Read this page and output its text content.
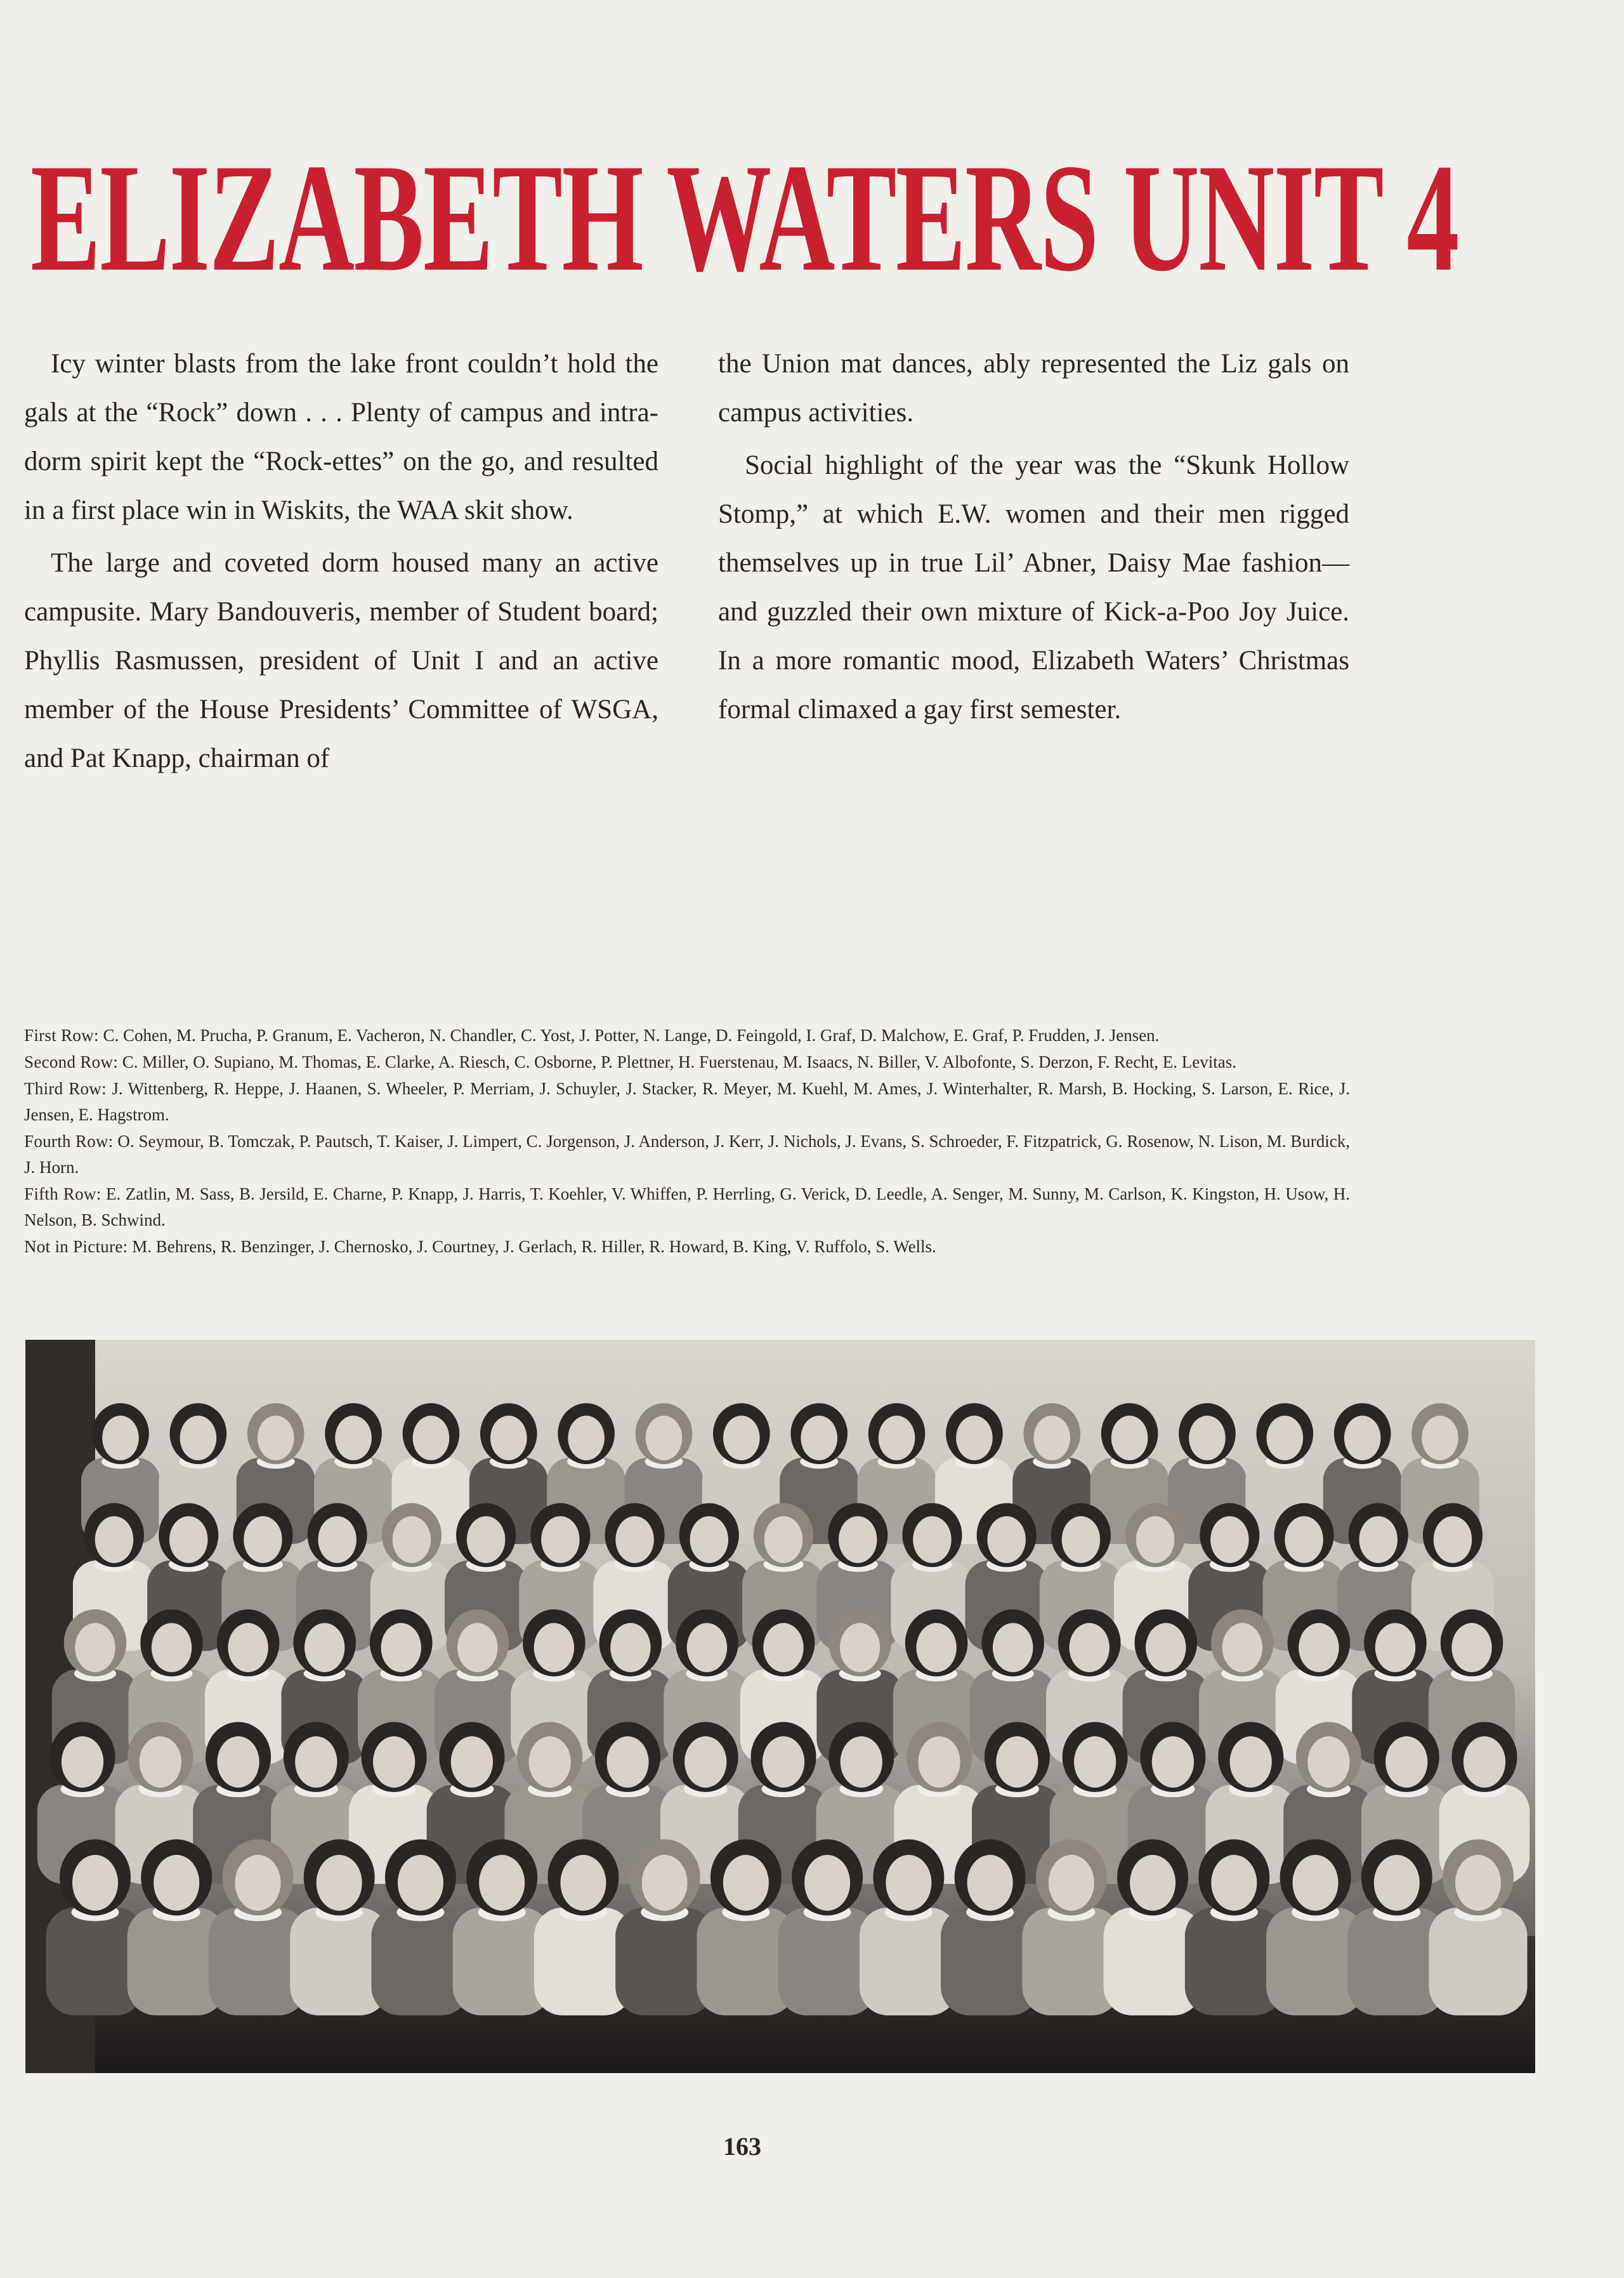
ELIZABETH WATERS UNIT 4

Icy winter blasts from the lake front couldn’t hold the gals at the “Rock” down . . . Plenty of campus and intra-dorm spirit kept the “Rock-ettes” on the go, and resulted in a first place win in Wiskits, the WAA skit show.

The large and coveted dorm housed many an active campusite. Mary Bandouveris, member of Student board; Phyllis Rasmussen, president of Unit I and an active member of the House Presidents’ Committee of WSGA, and Pat Knapp, chairman of

the Union mat dances, ably represented the Liz gals on campus activities.

Social highlight of the year was the “Skunk Hollow Stomp,” at which E.W. women and their men rigged themselves up in true Lil’ Abner, Daisy Mae fashion—and guzzled their own mixture of Kick-a-Poo Joy Juice. In a more romantic mood, Elizabeth Waters’ Christmas formal climaxed a gay first semester.

First Row: C. Cohen, M. Prucha, P. Granum, E. Vacheron, N. Chandler, C. Yost, J. Potter, N. Lange, D. Feingold, I. Graf, D. Malchow, E. Graf, P. Frudden, J. Jensen.
Second Row: C. Miller, O. Supiano, M. Thomas, E. Clarke, A. Riesch, C. Osborne, P. Plettner, H. Fuerstenau, M. Isaacs, N. Biller, V. Albofonte, S. Derzon, F. Recht, E. Levitas.
Third Row: J. Wittenberg, R. Heppe, J. Haanen, S. Wheeler, P. Merriam, J. Schuyler, J. Stacker, R. Meyer, M. Kuehl, M. Ames, J. Winterhalter, R. Marsh, B. Hocking, S. Larson, E. Rice, J. Jensen, E. Hagstrom.
Fourth Row: O. Seymour, B. Tomczak, P. Pautsch, T. Kaiser, J. Limpert, C. Jorgenson, J. Anderson, J. Kerr, J. Nichols, J. Evans, S. Schroeder, F. Fitzpatrick, G. Rosenow, N. Lison, M. Burdick, J. Horn.
Fifth Row: E. Zatlin, M. Sass, B. Jersild, E. Charne, P. Knapp, J. Harris, T. Koehler, V. Whiffen, P. Herrling, G. Verick, D. Leedle, A. Senger, M. Sunny, M. Carlson, K. Kingston, H. Usow, H. Nelson, B. Schwind.
Not in Picture: M. Behrens, R. Benzinger, J. Chernosko, J. Courtney, J. Gerlach, R. Hiller, R. Howard, B. King, V. Ruffolo, S. Wells.
163
